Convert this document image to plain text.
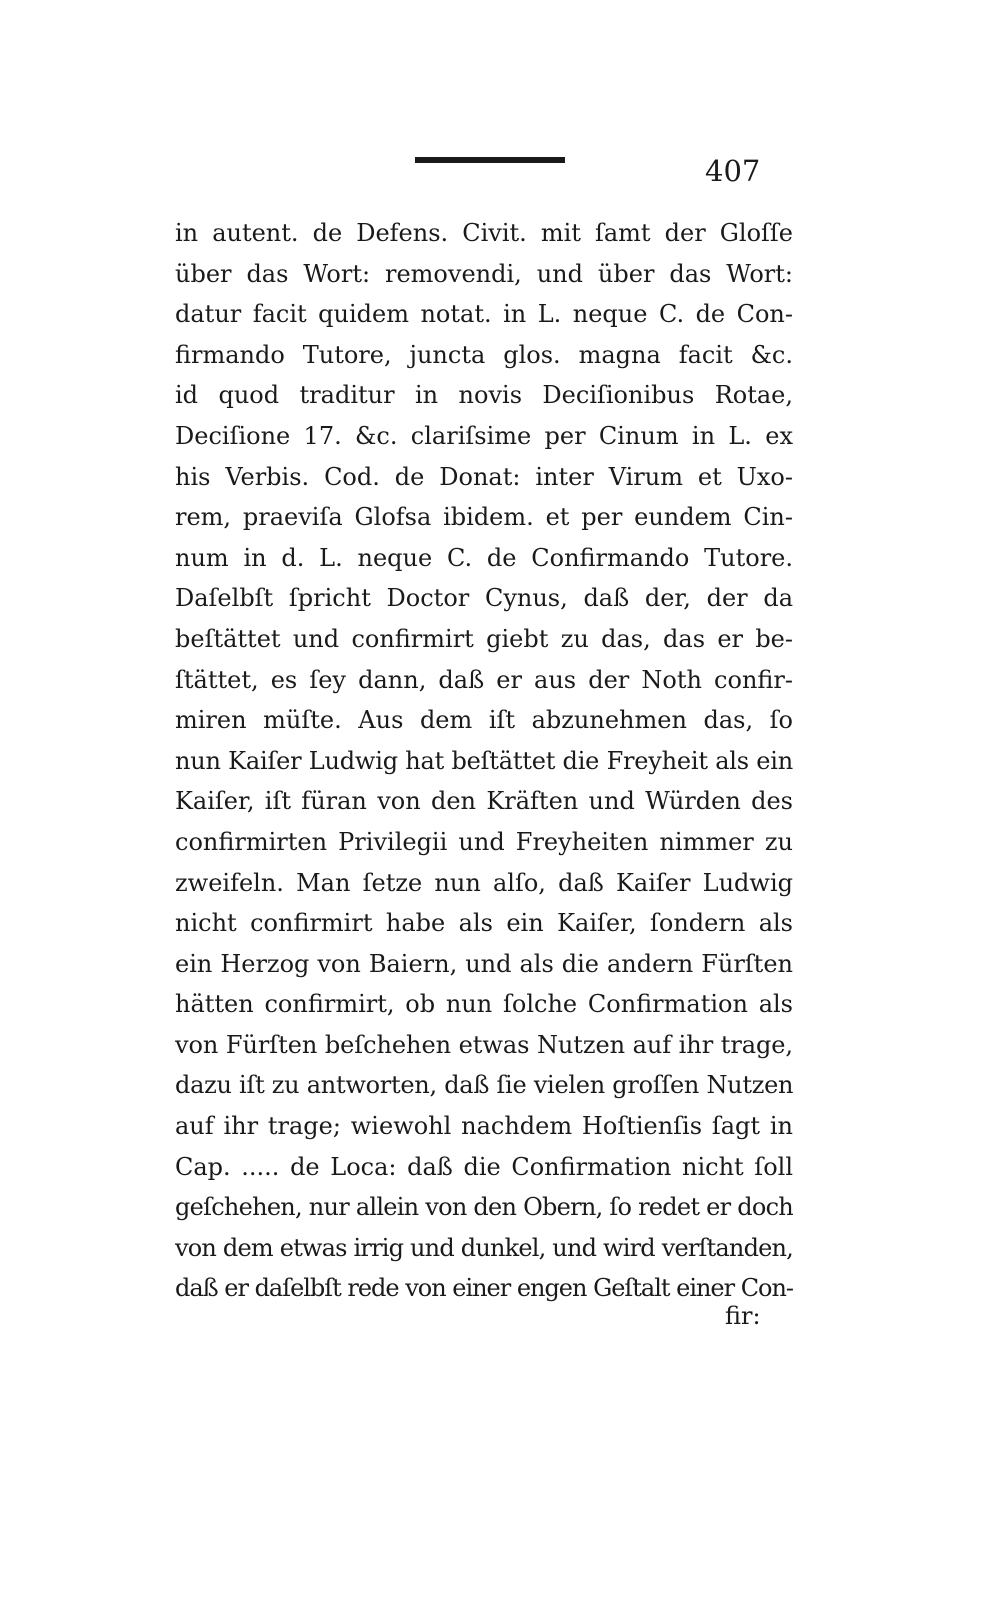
407
in autent. de Defens. Civit. mit ſamt der Gloſſe
über das Wort: removendi, und über das Wort:
datur facit quidem notat. in L. neque C. de Con-
firmando Tutore, juncta glos. magna facit &c.
id quod traditur in novis Deciſionibus Rotae,
Deciſione 17. &c. clariſsime per Cinum in L. ex
his Verbis. Cod. de Donat: inter Virum et Uxo-
rem, praeviſa Glofsa ibidem. et per eundem Cin-
num in d. L. neque C. de Confirmando Tutore.
Daſelbſt ſpricht Doctor Cynus, daß der, der da
beſtättet und confirmirt giebt zu das, das er be-
ſtättet, es ſey dann, daß er aus der Noth confir-
miren müſte. Aus dem iſt abzunehmen das, ſo
nun Kaiſer Ludwig hat beſtättet die Freyheit als ein
Kaiſer, iſt füran von den Kräften und Würden des
confirmirten Privilegii und Freyheiten nimmer zu
zweifeln. Man ſetze nun alſo, daß Kaiſer Ludwig
nicht confirmirt habe als ein Kaiſer, ſondern als
ein Herzog von Baiern, und als die andern Fürſten
hätten confirmirt, ob nun ſolche Confirmation als
von Fürſten beſchehen etwas Nutzen auf ihr trage,
dazu iſt zu antworten, daß ſie vielen groſſen Nutzen
auf ihr trage; wiewohl nachdem Hoſtienſis ſagt in
Cap. ..... de Loca: daß die Confirmation nicht ſoll
geſchehen, nur allein von den Obern, ſo redet er doch
von dem etwas irrig und dunkel, und wird verſtanden,
daß er daſelbſt rede von einer engen Geſtalt einer Con-
fir:
